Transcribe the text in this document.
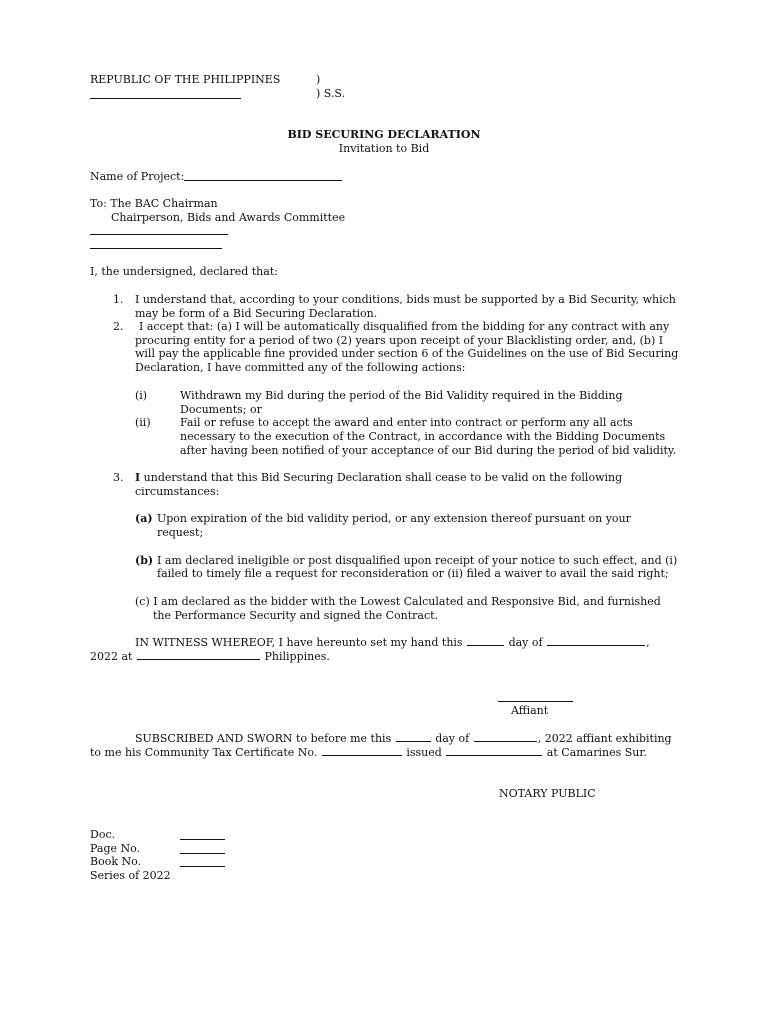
REPUBLIC OF THE PHILIPPINES	)
) S.S.
BID SECURING DECLARATION
Invitation to Bid
Name of Project:
To: The BAC Chairman
Chairperson, Bids and Awards Committee
I, the undersigned, declared that:
1. I understand that, according to your conditions, bids must be supported by a Bid Security, which
may be form of a Bid Securing Declaration.
2. I accept that: (a) I will be automatically disqualified from the bidding for any contract with any
procuring entity for a period of two (2) years upon receipt of your Blacklisting order, and, (b) I
will pay the applicable fine provided under section 6 of the Guidelines on the use of Bid Securing
Declaration, I have committed any of the following actions:
(i)	Withdrawn my Bid during the period of the Bid Validity required in the Bidding
Documents; or
(ii)	Fail or refuse to accept the award and enter into contract or perform any all acts
necessary to the execution of the Contract, in accordance with the Bidding Documents
after having been notified of your acceptance of our Bid during the period of bid validity.
3. I understand that this Bid Securing Declaration shall cease to be valid on the following
circumstances:
(a) Upon expiration of the bid validity period, or any extension thereof pursuant on your
request;
(b) I am declared ineligible or post disqualified upon receipt of your notice to such effect, and (i)
failed to timely file a request for reconsideration or (ii) filed a waiver to avail the said right;
(c) I am declared as the bidder with the Lowest Calculated and Responsive Bid, and furnished
the Performance Security and signed the Contract.
IN WITNESS WHEREOF, I have hereunto set my hand this	day of	,
2022 at	Philippines.
Affiant
SUBSCRIBED AND SWORN to before me this	day of	, 2022 affiant exhibiting
to me his Community Tax Certificate No.	issued	at Camarines Sur.
NOTARY PUBLIC
Doc.
Page No.
Book No.
Series of 2022
